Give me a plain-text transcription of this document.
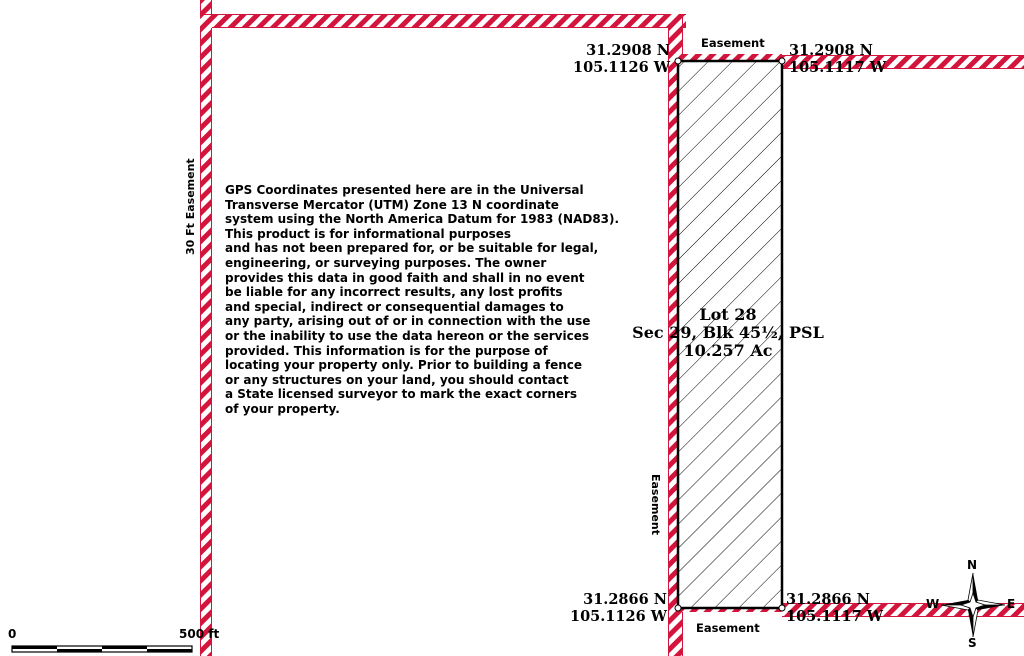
GPS Coordinates presented here are in the Universal
Transverse Mercator (UTM) Zone 13 N coordinate
system using the North America Datum for 1983 (NAD83).
This product is for informational purposes
and has not been prepared for, or be suitable for legal,
engineering, or surveying purposes. The owner
provides this data in good faith and shall in no event
be liable for any incorrect results, any lost profits
and special, indirect or consequential damages to
any party, arising out of or in connection with the use
or the inability to use the data hereon or the services
provided. This information is for the purpose of
locating your property only. Prior to building a fence
or any structures on your land, you should contact
a State licensed surveyor to mark the exact corners
of your property.
Lot 28
Sec 29, Blk 45½, PSL
10.257 Ac
31.2908 N
105.1126 W
31.2908 N
105.1117 W
31.2866 N
105.1126 W
31.2866 N
105.1117 W
Easement
Easement
Easement
30 Ft Easement
N
S
E
W
0	500 ft
